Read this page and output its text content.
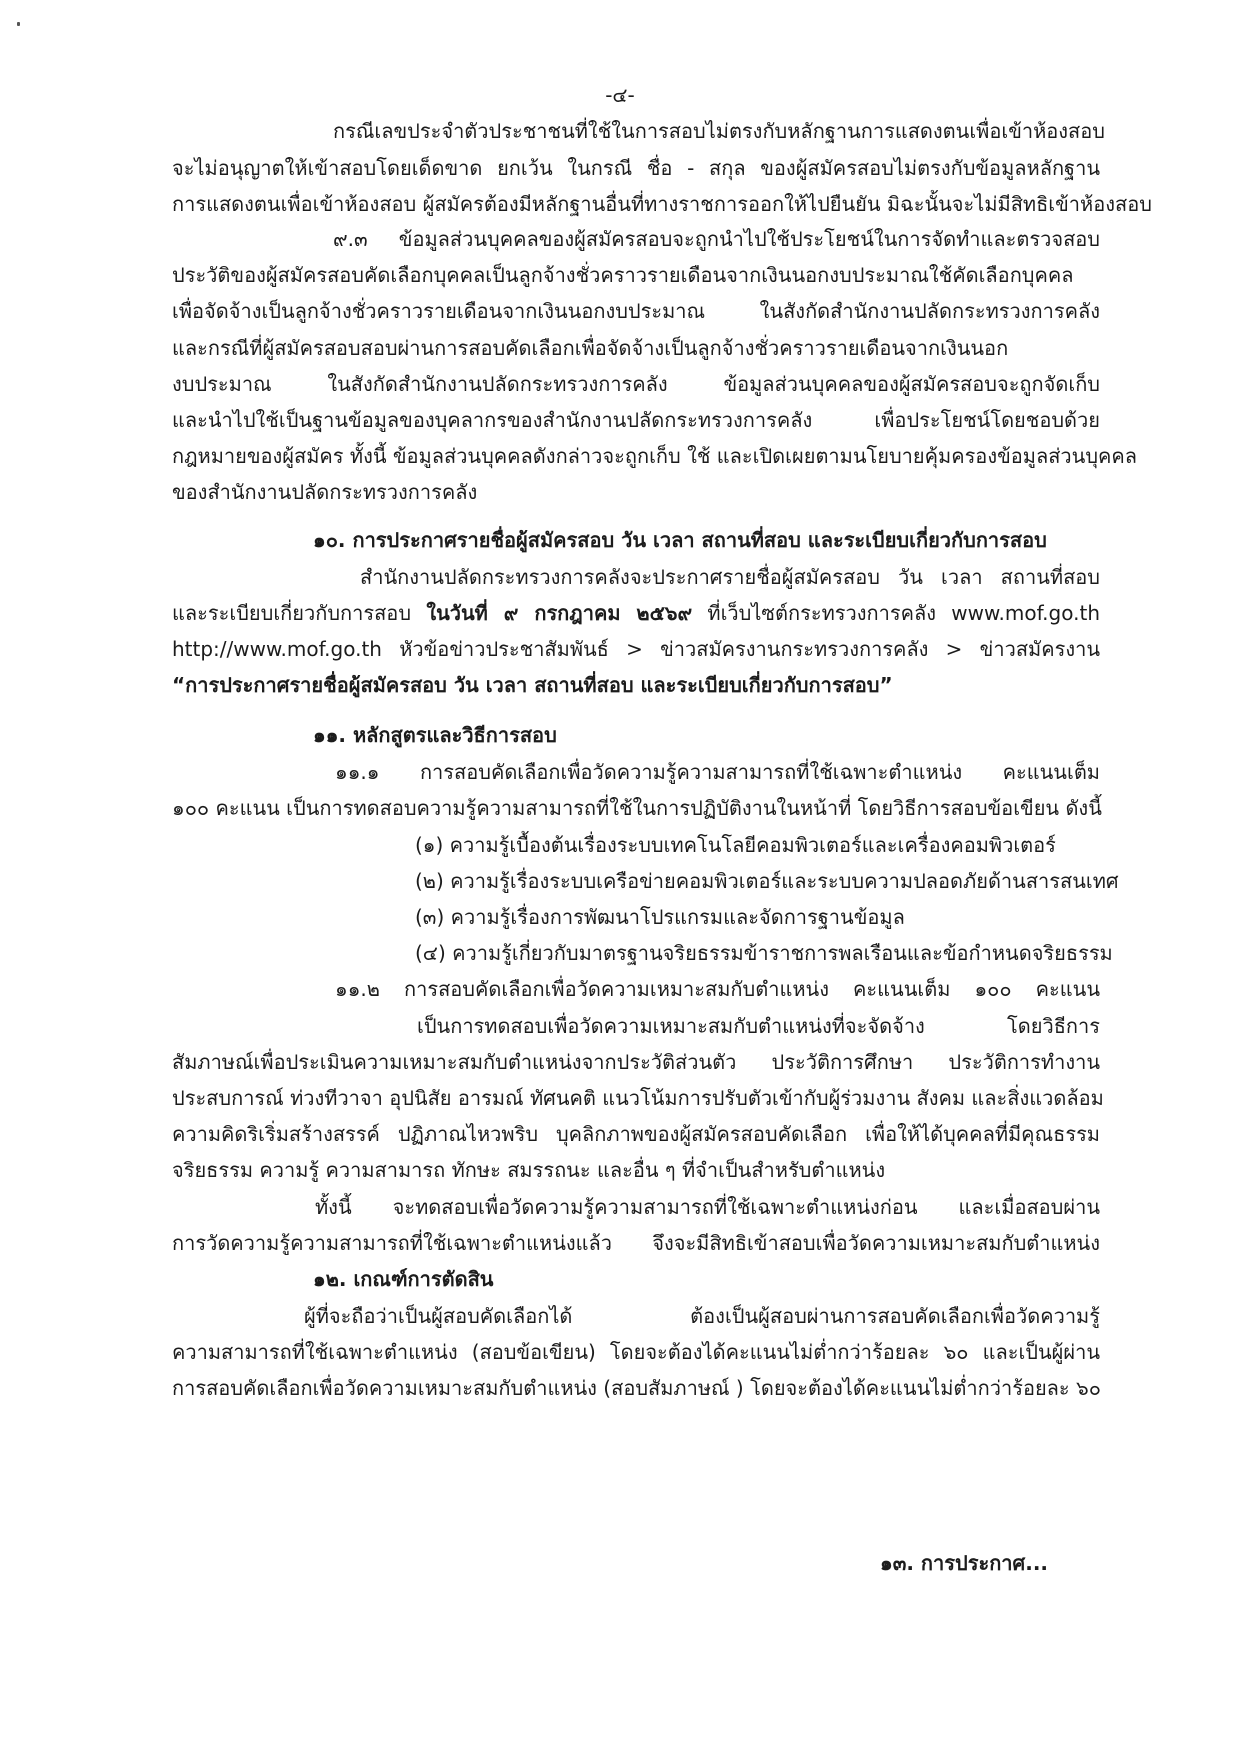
-๔-
กรณีเลขประจำตัวประชาชนที่ใช้ในการสอบไม่ตรงกับหลักฐานการแสดงตนเพื่อเข้าห้องสอบ
จะไม่อนุญาตให้เข้าสอบโดยเด็ดขาด ยกเว้น ในกรณี ชื่อ - สกุล ของผู้สมัครสอบไม่ตรงกับข้อมูลหลักฐาน
การแสดงตนเพื่อเข้าห้องสอบ ผู้สมัครต้องมีหลักฐานอื่นที่ทางราชการออกให้ไปยืนยัน มิฉะนั้นจะไม่มีสิทธิเข้าห้องสอบ
๙.๓ ข้อมูลส่วนบุคคลของผู้สมัครสอบจะถูกนำไปใช้ประโยชน์ในการจัดทำและตรวจสอบ
ประวัติของผู้สมัครสอบคัดเลือกบุคคลเป็นลูกจ้างชั่วคราวรายเดือนจากเงินนอกงบประมาณใช้คัดเลือกบุคคล
เพื่อจัดจ้างเป็นลูกจ้างชั่วคราวรายเดือนจากเงินนอกงบประมาณ ในสังกัดสำนักงานปลัดกระทรวงการคลัง
และกรณีที่ผู้สมัครสอบสอบผ่านการสอบคัดเลือกเพื่อจัดจ้างเป็นลูกจ้างชั่วคราวรายเดือนจากเงินนอก
งบประมาณ ในสังกัดสำนักงานปลัดกระทรวงการคลัง ข้อมูลส่วนบุคคลของผู้สมัครสอบจะถูกจัดเก็บ
และนำไปใช้เป็นฐานข้อมูลของบุคลากรของสำนักงานปลัดกระทรวงการคลัง เพื่อประโยชน์โดยชอบด้วย
กฎหมายของผู้สมัคร ทั้งนี้ ข้อมูลส่วนบุคคลดังกล่าวจะถูกเก็บ ใช้ และเปิดเผยตามนโยบายคุ้มครองข้อมูลส่วนบุคคล
ของสำนักงานปลัดกระทรวงการคลัง
๑๐. การประกาศรายชื่อผู้สมัครสอบ วัน เวลา สถานที่สอบ และระเบียบเกี่ยวกับการสอบ
สำนักงานปลัดกระทรวงการคลังจะประกาศรายชื่อผู้สมัครสอบ วัน เวลา สถานที่สอบ
และระเบียบเกี่ยวกับการสอบ ในวันที่ ๙ กรกฎาคม ๒๕๖๙ ที่เว็บไซต์กระทรวงการคลัง www.mof.go.th
http://www.mof.go.th หัวข้อข่าวประชาสัมพันธ์ > ข่าวสมัครงานกระทรวงการคลัง > ข่าวสมัครงาน
“การประกาศรายชื่อผู้สมัครสอบ วัน เวลา สถานที่สอบ และระเบียบเกี่ยวกับการสอบ”
๑๑. หลักสูตรและวิธีการสอบ
๑๑.๑ การสอบคัดเลือกเพื่อวัดความรู้ความสามารถที่ใช้เฉพาะตำแหน่ง คะแนนเต็ม
๑๐๐ คะแนน เป็นการทดสอบความรู้ความสามารถที่ใช้ในการปฏิบัติงานในหน้าที่ โดยวิธีการสอบข้อเขียน ดังนี้
(๑) ความรู้เบื้องต้นเรื่องระบบเทคโนโลยีคอมพิวเตอร์และเครื่องคอมพิวเตอร์
(๒) ความรู้เรื่องระบบเครือข่ายคอมพิวเตอร์และระบบความปลอดภัยด้านสารสนเทศ
(๓) ความรู้เรื่องการพัฒนาโปรแกรมและจัดการฐานข้อมูล
(๔) ความรู้เกี่ยวกับมาตรฐานจริยธรรมข้าราชการพลเรือนและข้อกำหนดจริยธรรม
๑๑.๒ การสอบคัดเลือกเพื่อวัดความเหมาะสมกับตำแหน่ง คะแนนเต็ม ๑๐๐ คะแนน
เป็นการทดสอบเพื่อวัดความเหมาะสมกับตำแหน่งที่จะจัดจ้าง โดยวิธีการ
สัมภาษณ์เพื่อประเมินความเหมาะสมกับตำแหน่งจากประวัติส่วนตัว ประวัติการศึกษา ประวัติการทำงาน
ประสบการณ์ ท่วงทีวาจา อุปนิสัย อารมณ์ ทัศนคติ แนวโน้มการปรับตัวเข้ากับผู้ร่วมงาน สังคม และสิ่งแวดล้อม
ความคิดริเริ่มสร้างสรรค์ ปฏิภาณไหวพริบ บุคลิกภาพของผู้สมัครสอบคัดเลือก เพื่อให้ได้บุคคลที่มีคุณธรรม
จริยธรรม ความรู้ ความสามารถ ทักษะ สมรรถนะ และอื่น ๆ ที่จำเป็นสำหรับตำแหน่ง
ทั้งนี้ จะทดสอบเพื่อวัดความรู้ความสามารถที่ใช้เฉพาะตำแหน่งก่อน และเมื่อสอบผ่าน
การวัดความรู้ความสามารถที่ใช้เฉพาะตำแหน่งแล้ว จึงจะมีสิทธิเข้าสอบเพื่อวัดความเหมาะสมกับตำแหน่ง
๑๒. เกณฑ์การตัดสิน
ผู้ที่จะถือว่าเป็นผู้สอบคัดเลือกได้ ต้องเป็นผู้สอบผ่านการสอบคัดเลือกเพื่อวัดความรู้
ความสามารถที่ใช้เฉพาะตำแหน่ง (สอบข้อเขียน) โดยจะต้องได้คะแนนไม่ต่ำกว่าร้อยละ ๖๐ และเป็นผู้ผ่าน
การสอบคัดเลือกเพื่อวัดความเหมาะสมกับตำแหน่ง (สอบสัมภาษณ์ ) โดยจะต้องได้คะแนนไม่ต่ำกว่าร้อยละ ๖๐
๑๓. การประกาศ...
